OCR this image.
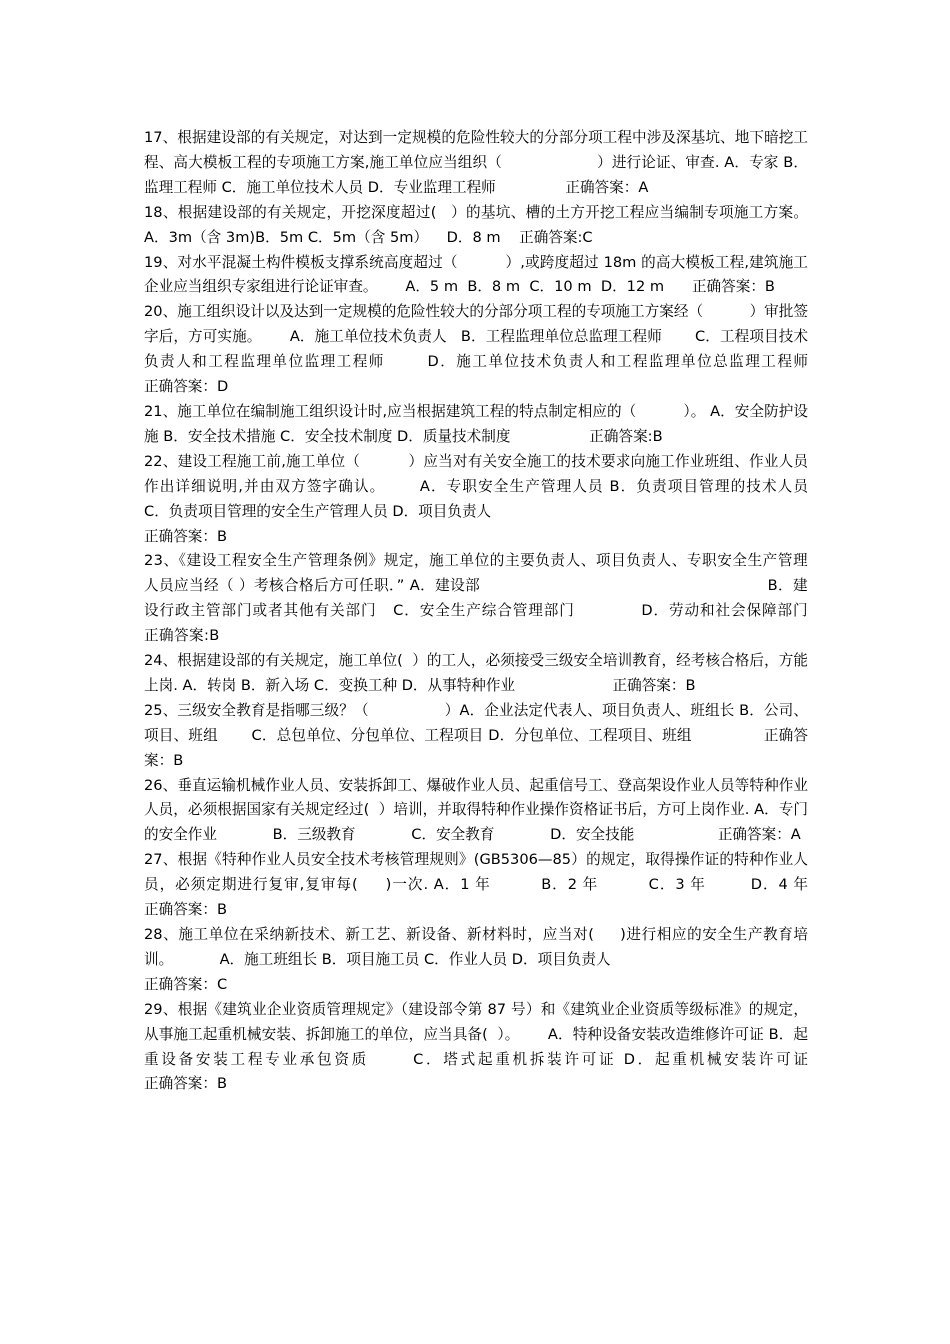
17、根据建设部的有关规定，对达到一定规模的危险性较大的分部分项工程中涉及深基坑、地下暗挖工程、高大模板工程的专项施工方案,施工单位应当组织（                    ）进行论证、审查. A．专家 B．监理工程师 C．施工单位技术人员 D．专业监理工程师               正确答案：A

18、根据建设部的有关规定，开挖深度超过(   ）的基坑、槽的土方开挖工程应当编制专项施工方案。    A．3m（含 3m)B．5m C．5m（含 5m）    D．8 m    正确答案:C

19、对水平混凝土构件模板支撑系统高度超过（          ）,或跨度超过 18m 的高大模板工程,建筑施工企业应当组织专家组进行论证审查。      A．5 m  B．8 m  C．10 m  D．12 m      正确答案：B

20、施工组织设计以及达到一定规模的危险性较大的分部分项工程的专项施工方案经（          ）审批签字后，方可实施。      A．施工单位技术负责人   B．工程监理单位总监理工程师       C．工程项目技术负责人和工程监理单位监理工程师       D．施工单位技术负责人和工程监理单位总监理工程师                              正确答案：D

21、施工单位在编制施工组织设计时,应当根据建筑工程的特点制定相应的（          ）。 A．安全防护设施 B．安全技术措施 C．安全技术制度 D．质量技术制度                 正确答案:B

22、建设工程施工前,施工单位（          ）应当对有关安全施工的技术要求向施工作业班组、作业人员作出详细说明,并由双方签字确认。      A．专职安全生产管理人员 B．负责项目管理的技术人员       C．负责项目管理的安全生产管理人员 D．项目负责人
正确答案：B

23、《建设工程安全生产管理条例》规定，施工单位的主要负责人、项目负责人、专职安全生产管理人员应当经（ ）考核合格后方可任职．” A．建设部                                                         B．建设行政主管部门或者其他有关部门   C．安全生产综合管理部门            D．劳动和社会保障部门                       正确答案:B

24、根据建设部的有关规定，施工单位(  ）的工人，必须接受三级安全培训教育，经考核合格后，方能上岗. A．转岗 B．新入场 C．变换工种 D．从事特种作业                     正确答案：B

25、三级安全教育是指哪三级？（                ）A．企业法定代表人、项目负责人、班组长 B．公司、项目、班组       C．总包单位、分包单位、工程项目 D．分包单位、工程项目、班组               正确答案：B

26、垂直运输机械作业人员、安装拆卸工、爆破作业人员、起重信号工、登高架设作业人员等特种作业人员，必须根据国家有关规定经过(  ）培训，并取得特种作业操作资格证书后，方可上岗作业. A．专门的安全作业            B．三级教育            C．安全教育            D．安全技能                  正确答案：A

27、根据《特种作业人员安全技术考核管理规则》(GB5306—85）的规定，取得操作证的特种作业人员，必须定期进行复审,复审每(     )一次. A．1 年         B．2 年         C．3 年        D．4 年                            正确答案：B

28、施工单位在采纳新技术、新工艺、新设备、新材料时，应当对(     )进行相应的安全生产教育培训。          A．施工班组长 B．项目施工员 C．作业人员 D．项目负责人
正确答案：C

29、根据《建筑业企业资质管理规定》（建设部令第 87 号）和《建筑业企业资质等级标准》的规定，从事施工起重机械安装、拆卸施工的单位，应当具备(  ）。      A．特种设备安装改造维修许可证 B．起重设备安装工程专业承包资质      C．塔式起重机拆装许可证 D．起重机械安装许可证                              正确答案：B
